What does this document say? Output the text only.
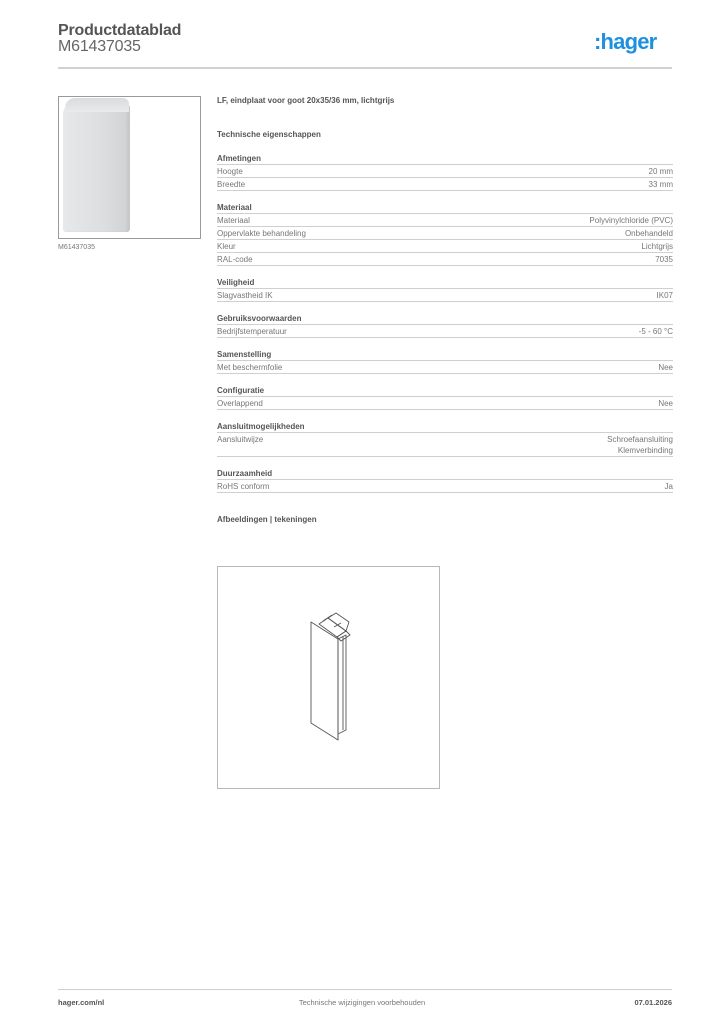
Productdatablad
M61437035	:hager
M61437035
LF, eindplaat voor goot 20x35/36 mm, lichtgrijs
Technische eigenschappen
Afmetingen
Hoogte	20 mm
Breedte	33 mm
Materiaal
Materiaal	Polyvinylchloride (PVC)
Oppervlakte behandeling	Onbehandeld
Kleur	Lichtgrijs
RAL-code	7035
Veiligheid
Slagvastheid IK	IK07
Gebruiksvoorwaarden
Bedrijfstemperatuur	-5 - 60 °C
Samenstelling
Met beschermfolie	Nee
Configuratie
Overlappend	Nee
Aansluitmogelijkheden
Aansluitwijze	Schroefaansluiting
Klemverbinding
Duurzaamheid
RoHS conform	Ja
Afbeeldingen | tekeningen
hager.com/nl	Technische wijzigingen voorbehouden	07.01.2026
